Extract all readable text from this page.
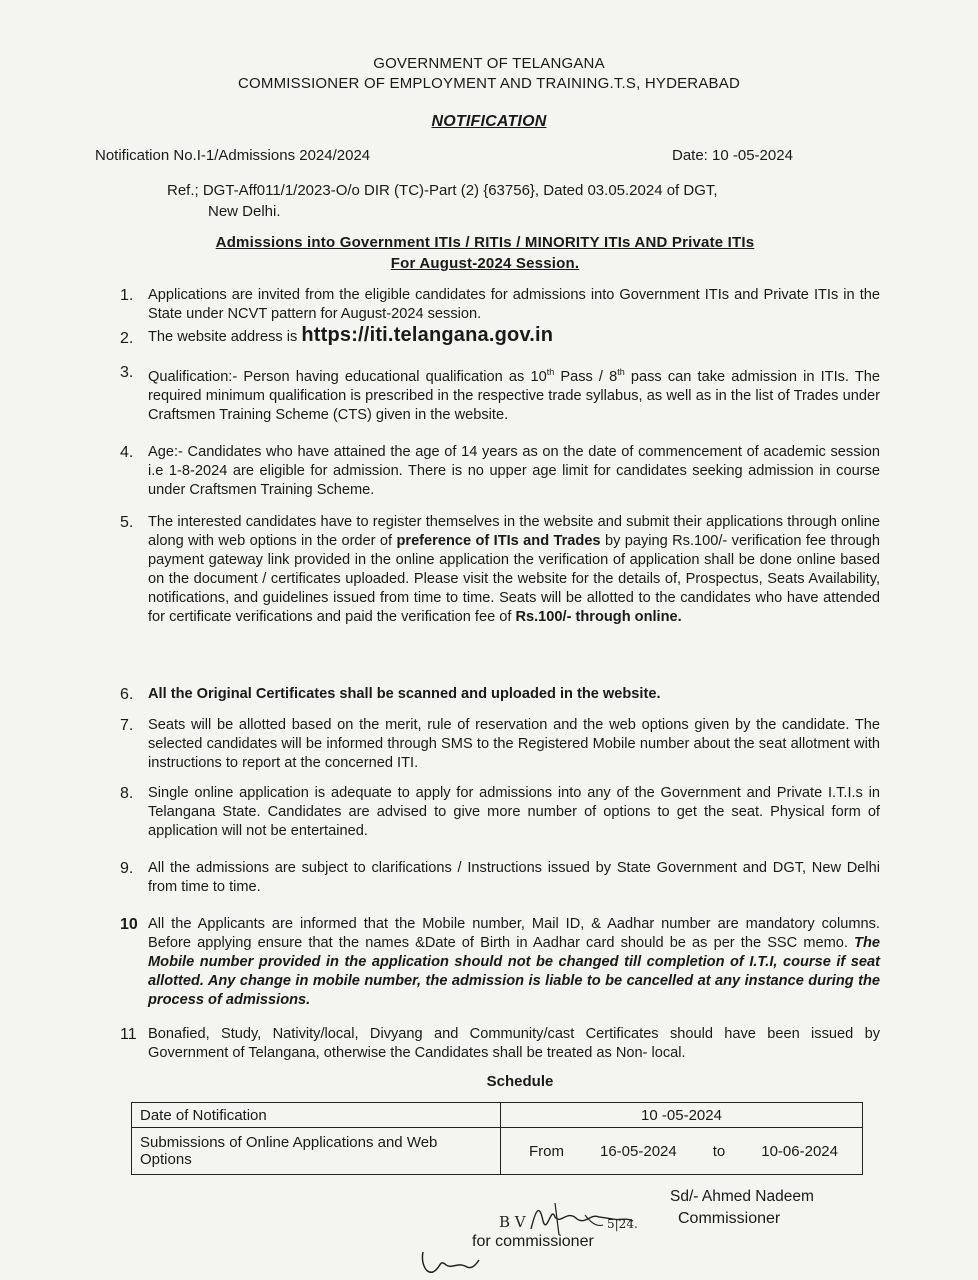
GOVERNMENT OF TELANGANA
COMMISSIONER OF EMPLOYMENT AND TRAINING.T.S, HYDERABAD
NOTIFICATION
Notification No.I-1/Admissions 2024/2024	Date: 10 -05-2024
Ref.; DGT-Aff011/1/2023-O/o DIR (TC)-Part (2) {63756}, Dated 03.05.2024 of DGT,
New Delhi.
Admissions into Government ITIs / RITIs / MINORITY ITIs AND Private ITIs
For August-2024 Session.
1.	Applications are invited from the eligible candidates for admissions into Government ITIs and Private ITIs in the State under NCVT pattern for August-2024 session.
2.	The website address is https://iti.telangana.gov.in
3.	Qualification:- Person having educational qualification as 10th Pass / 8th pass can take admission in ITIs. The required minimum qualification is prescribed in the respective trade syllabus, as well as in the list of Trades under Craftsmen Training Scheme (CTS) given in the website.
4.	Age:- Candidates who have attained the age of 14 years as on the date of commencement of academic session i.e 1-8-2024 are eligible for admission. There is no upper age limit for candidates seeking admission in course under Craftsmen Training Scheme.
5.	The interested candidates have to register themselves in the website and submit their applications through online along with web options in the order of preference of ITIs and Trades by paying Rs.100/- verification fee through payment gateway link provided in the online application the verification of application shall be done online based on the document / certificates uploaded. Please visit the website for the details of, Prospectus, Seats Availability, notifications, and guidelines issued from time to time. Seats will be allotted to the candidates who have attended for certificate verifications and paid the verification fee of Rs.100/- through online.
6.	All the Original Certificates shall be scanned and uploaded in the website.
7.	Seats will be allotted based on the merit, rule of reservation and the web options given by the candidate. The selected candidates will be informed through SMS to the Registered Mobile number about the seat allotment with instructions to report at the concerned ITI.
8.	Single online application is adequate to apply for admissions into any of the Government and Private I.T.I.s in Telangana State. Candidates are advised to give more number of options to get the seat. Physical form of application will not be entertained.
9.	All the admissions are subject to clarifications / Instructions issued by State Government and DGT, New Delhi from time to time.
10 All the Applicants are informed that the Mobile number, Mail ID, & Aadhar number are mandatory columns. Before applying ensure that the names &Date of Birth in Aadhar card should be as per the SSC memo. The Mobile number provided in the application should not be changed till completion of I.T.I, course if seat allotted. Any change in mobile number, the admission is liable to be cancelled at any instance during the process of admissions.
11 Bonafied, Study, Nativity/local, Divyang and Community/cast Certificates should have been issued by Government of Telangana, otherwise the Candidates shall be treated as Non- local.
Schedule
Date of Notification	10 -05-2024
Submissions of Online Applications and Web Options	From 16-05-2024 to 10-06-2024
Sd/- Ahmed Nadeem
Commissioner
B V	5|24.
for commissioner
